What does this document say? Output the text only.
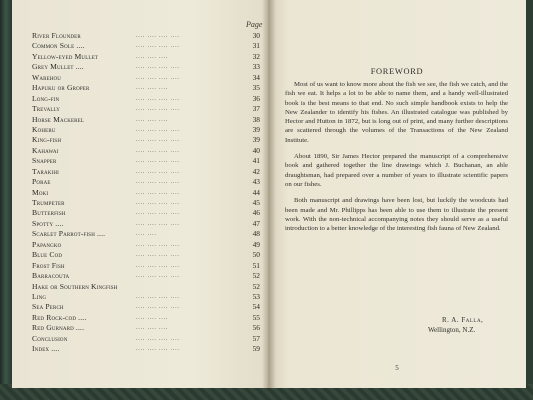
Page
River Flounder	.... .... .... ....	30
Common Sole ....	.... .... .... ....	31
Yellow-eyed Mullet	.... .... ....	32
Grey Mullet ....	.... .... .... ....	33
Warehou	.... .... .... ....	34
Hapuku or Groper	.... .... ....	35
Long-fin	.... .... .... ....	36
Trevally	.... .... .... ....	37
Horse Mackerel	.... .... ....	38
Koheru	.... .... .... ....	39
King-fish	.... .... .... ....	39
Kahawai	.... .... .... ....	40
Snapper	.... .... .... ....	41
Tarakihi	.... .... .... ....	42
Porae	.... .... .... ....	43
Moki	.... .... .... ....	44
Trumpeter	.... .... .... ....	45
Butterfish	.... .... .... ....	46
Spotty ....	.... .... .... ....	47
Scarlet Parrot-fish ....	.... ....	48
Papangko	.... .... .... ....	49
Blue Cod	.... .... .... ....	50
Frost Fish	.... .... .... ....	51
Barracouta	.... .... .... ....	52
Hake or Southern Kingfish	52
Ling	.... .... .... ....	53
Sea Perch	.... .... .... ....	54
Red Rock-cod ....	.... .... ....	55
Red Gurnard ....	.... .... ....	56
Conclusion	.... .... .... ....	57
Index ....	.... .... .... ....	59
FOREWORD

Most of us want to know more about the fish we see, the fish we catch, and the fish we eat. It helps a lot to be able to name them, and a handy well-illustrated book is the best means to that end. No such simple handbook exists to help the New Zealander to identify his fishes. An illustrated catalogue was published by Hector and Hutton in 1872, but is long out of print, and many further descriptions are scattered through the volumes of the Transactions of the New Zealand Institute.

About 1890, Sir James Hector prepared the manuscript of a comprehensive book and gathered together the line drawings which J. Buchanan, an able draughtsman, had prepared over a number of years to illustrate scientific papers on our fishes.

Both manuscript and drawings have been lost, but luckily the woodcuts had been made and Mr. Phillipps has been able to use them to illustrate the present work. With the non-technical accompanying notes they should serve as a useful introduction to a better knowledge of the interesting fish fauna of New Zealand.

R. A. Falla,
Wellington, N.Z.
5
